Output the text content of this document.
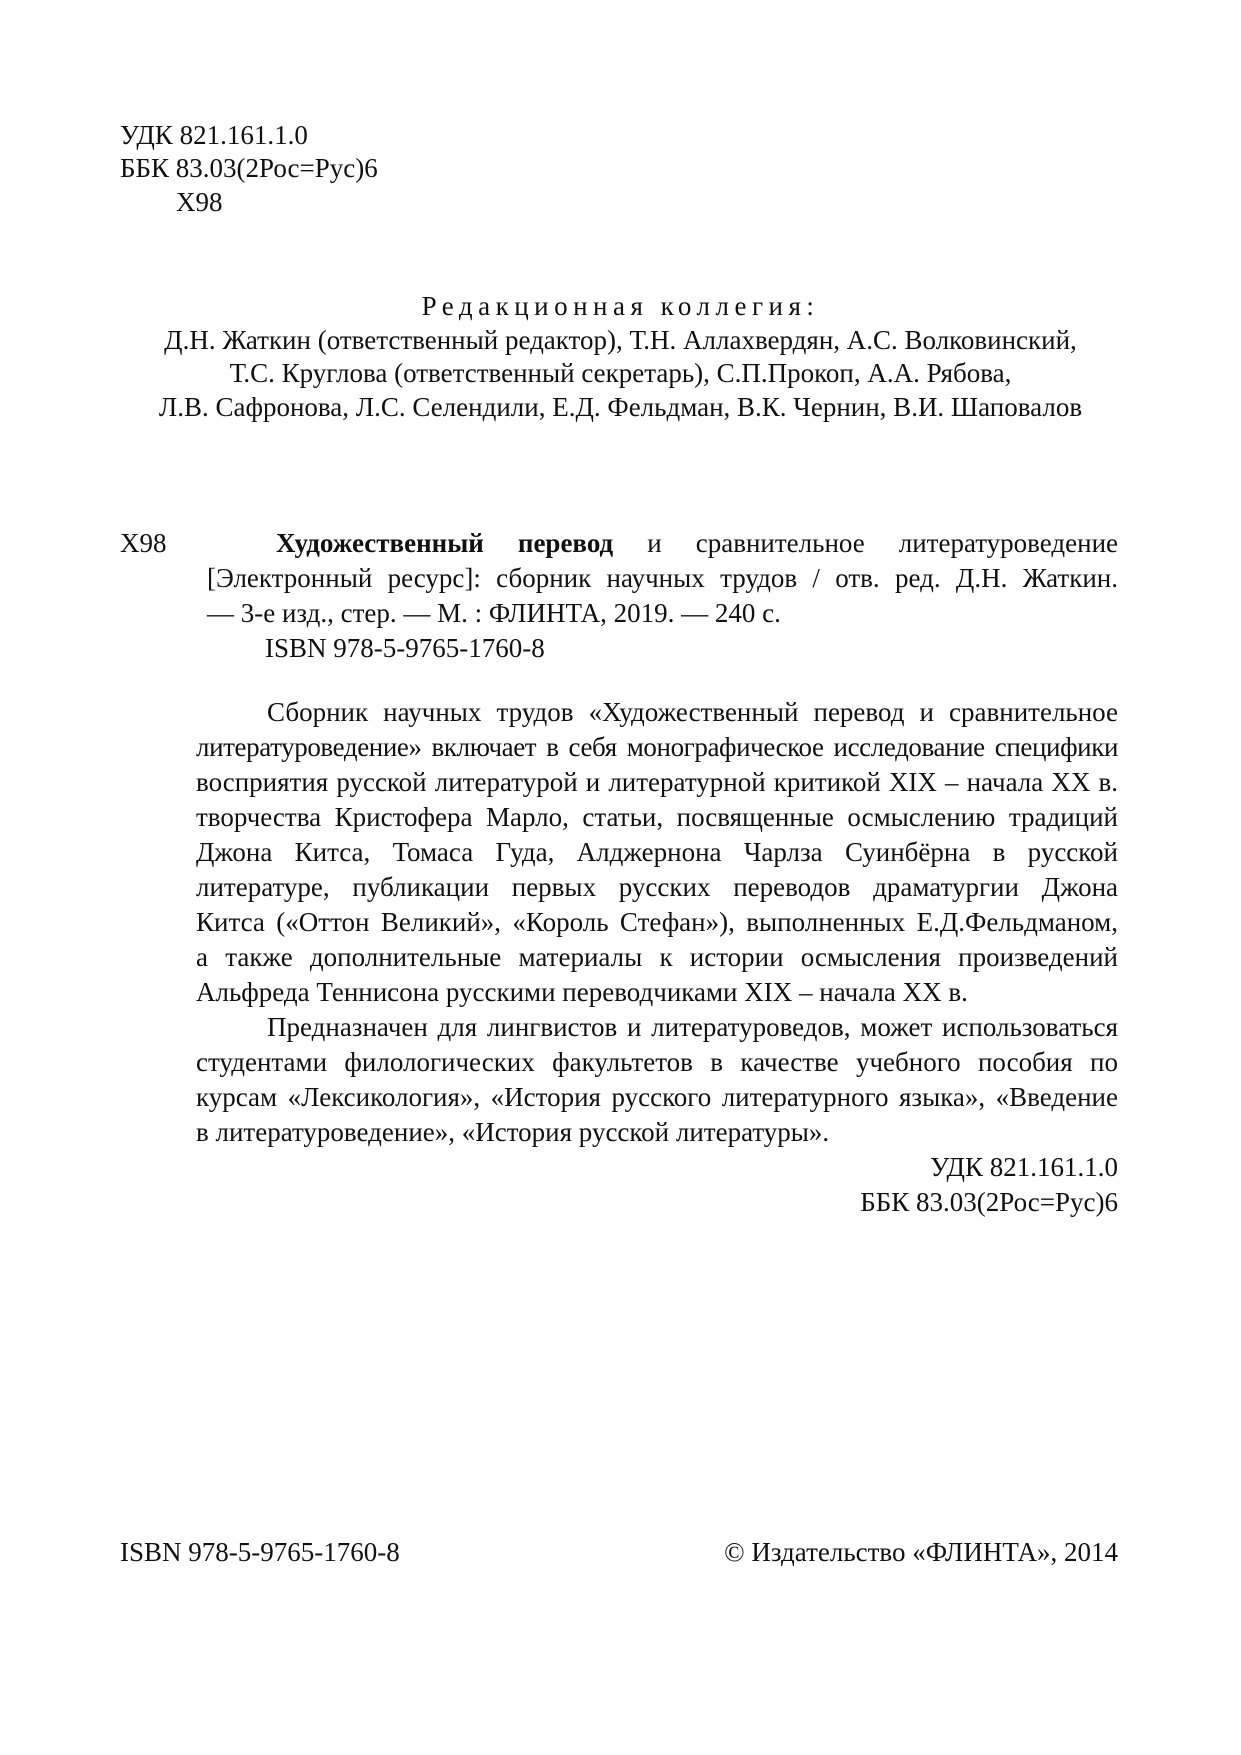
УДК 821.161.1.0
ББК 83.03(2Рос=Рус)6
Х98
Редакционная коллегия:
Д.Н. Жаткин (ответственный редактор), Т.Н. Аллахвердян, А.С. Волковинский,
Т.С. Круглова (ответственный секретарь), С.П.Прокоп, А.А. Рябова,
Л.В. Сафронова, Л.С. Селендили, Е.Д. Фельдман, В.К. Чернин, В.И. Шаповалов
Х98	Художественный перевод и сравнительное литературоведение
[Электронный ресурс]: сборник научных трудов / отв. ред. Д.Н. Жаткин.
— 3-е изд., стер. — М. : ФЛИНТА, 2019. — 240 с.
ISBN 978-5-9765-1760-8
Сборник научных трудов «Художественный перевод и сравнительное
литературоведение» включает в себя монографическое исследование специфики
восприятия русской литературой и литературной критикой XIX – начала XX в.
творчества Кристофера Марло, статьи, посвященные осмыслению традиций
Джона Китса, Томаса Гуда, Алджернона Чарлза Суинбёрна в русской
литературе, публикации первых русских переводов драматургии Джона
Китса («Оттон Великий», «Король Стефан»), выполненных Е.Д.Фельдманом,
а также дополнительные материалы к истории осмысления произведений
Альфреда Теннисона русскими переводчиками XIX – начала XX в.
Предназначен для лингвистов и литературоведов, может использоваться
студентами филологических факультетов в качестве учебного пособия по
курсам «Лексикология», «История русского литературного языка», «Введение
в литературоведение», «История русской литературы».
УДК 821.161.1.0
ББК 83.03(2Рос=Рус)6
ISBN 978-5-9765-1760-8	© Издательство «ФЛИНТА», 2014
